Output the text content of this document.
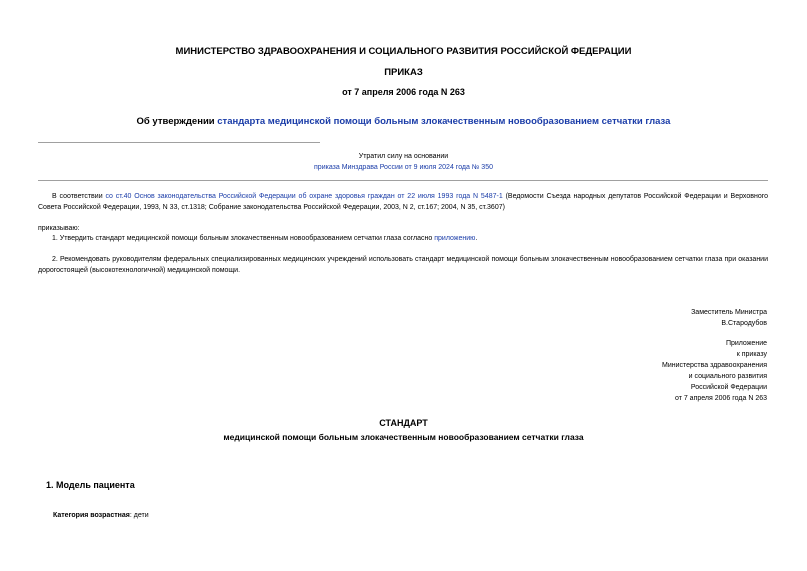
МИНИСТЕРСТВО ЗДРАВООХРАНЕНИЯ И СОЦИАЛЬНОГО РАЗВИТИЯ РОССИЙСКОЙ ФЕДЕРАЦИИ
ПРИКАЗ
от 7 апреля 2006 года N 263
Об утверждении стандарта медицинской помощи больным злокачественным новообразованием сетчатки глаза
Утратил силу на основании
приказа Минздрава России от 9 июля 2024 года № 350
В соответствии со ст.40 Основ законодательства Российской Федерации об охране здоровья граждан от 22 июля 1993 года N 5487-1 (Ведомости Съезда народных депутатов Российской Федерации и Верховного Совета Российской Федерации, 1993, N 33, ст.1318; Собрание законодательства Российской Федерации, 2003, N 2, ст.167; 2004, N 35, ст.3607)
приказываю:
1. Утвердить стандарт медицинской помощи больным злокачественным новообразованием сетчатки глаза согласно приложению.
2. Рекомендовать руководителям федеральных специализированных медицинских учреждений использовать стандарт медицинской помощи больным злокачественным новообразованием сетчатки глаза при оказании дорогостоящей (высокотехнологичной) медицинской помощи.
Заместитель Министра
В.Стародубов
Приложение
к приказу
Министерства здравоохранения
и социального развития
Российской Федерации
от 7 апреля 2006 года N 263
СТАНДАРТ
медицинской помощи больным злокачественным новообразованием сетчатки глаза
1. Модель пациента
Категория возрастная: дети
